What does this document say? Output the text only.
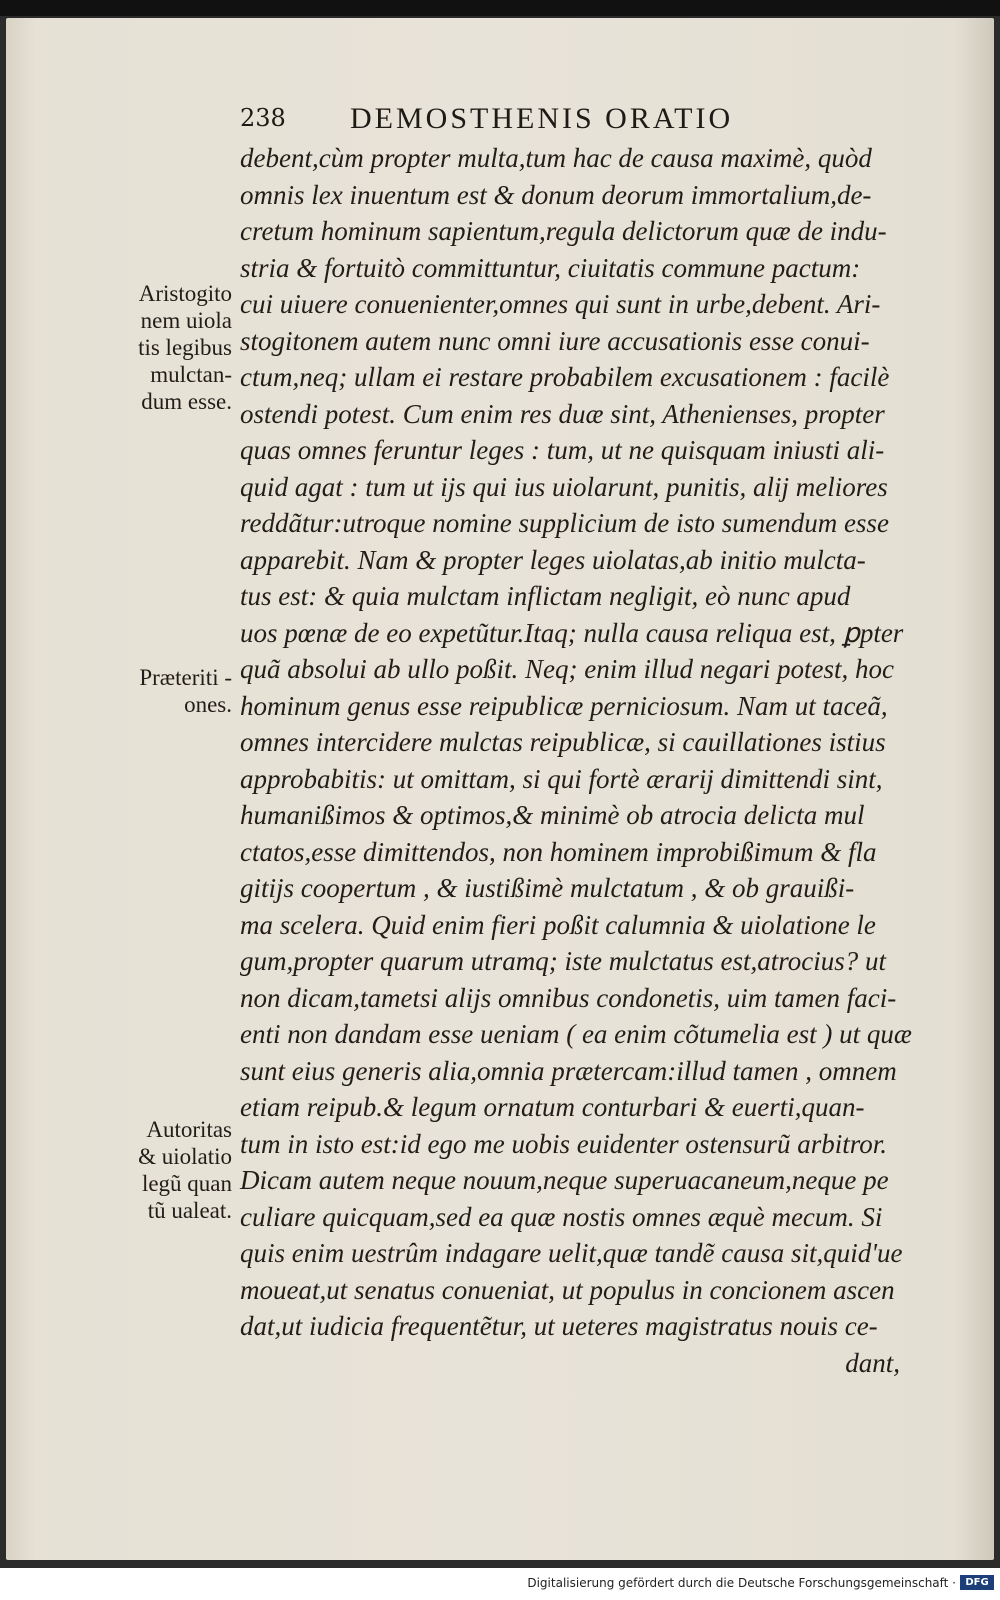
238 DEMOSTHENIS ORATIO
debent,cùm propter multa,tum hac de causa maximè, quòd
omnis lex inuentum est & donum deorum immortalium,de-
cretum hominum sapientum,regula delictorum quæ de indu-
stria & fortuitò committuntur, ciuitatis commune pactum:
cui uiuere conuenienter,omnes qui sunt in urbe,debent. Ari-
stogitonem autem nunc omni iure accusationis esse conui-
ctum,neq; ullam ei restare probabilem excusationem : facilè
ostendi potest. Cum enim res duæ sint, Athenienses, propter
quas omnes feruntur leges : tum, ut ne quisquam iniusti ali-
quid agat : tum ut ijs qui ius uiolarunt, punitis, alij meliores
reddãtur:utroque nomine supplicium de isto sumendum esse
apparebit. Nam & propter leges uiolatas,ab initio mulcta-
tus est: & quia mulctam inflictam negligit, eò nunc apud
uos pœnæ de eo expetũtur.Itaq; nulla causa reliqua est, ꝑpter
quã absolui ab ullo poßit. Neq; enim illud negari potest, hoc
hominum genus esse reipublicæ perniciosum. Nam ut taceã,
omnes intercidere mulctas reipublicæ, si cauillationes istius
approbabitis: ut omittam, si qui fortè ærarij dimittendi sint,
humanißimos & optimos,& minimè ob atrocia delicta mul
ctatos,esse dimittendos, non hominem improbißimum & fla
gitijs coopertum , & iustißimè mulctatum , & ob grauißi-
ma scelera. Quid enim fieri poßit calumnia & uiolatione le
gum,propter quarum utramq; iste mulctatus est,atrocius? ut
non dicam,tametsi alijs omnibus condonetis, uim tamen faci-
enti non dandam esse ueniam ( ea enim cõtumelia est ) ut quæ
sunt eius generis alia,omnia prætercam:illud tamen , omnem
etiam reipub.& legum ornatum conturbari & euerti,quan-
tum in isto est:id ego me uobis euidenter ostensurũ arbitror.
Dicam autem neque nouum,neque superuacaneum,neque pe
culiare quicquam,sed ea quæ nostis omnes æquè mecum. Si
quis enim uestrûm indagare uelit,quæ tandẽ causa sit,quid'ue
moueat,ut senatus conueniat, ut populus in concionem ascen
dat,ut iudicia frequentẽtur, ut ueteres magistratus nouis ce-
dant,
Aristogito
nem uiola
tis legibus
mulctan-
dum esse.
Præteriti -
ones.
Autoritas
& uiolatio
legũ quan
tũ ualeat.
Digitalisierung gefördert durch die Deutsche Forschungsgemeinschaft · DFG
